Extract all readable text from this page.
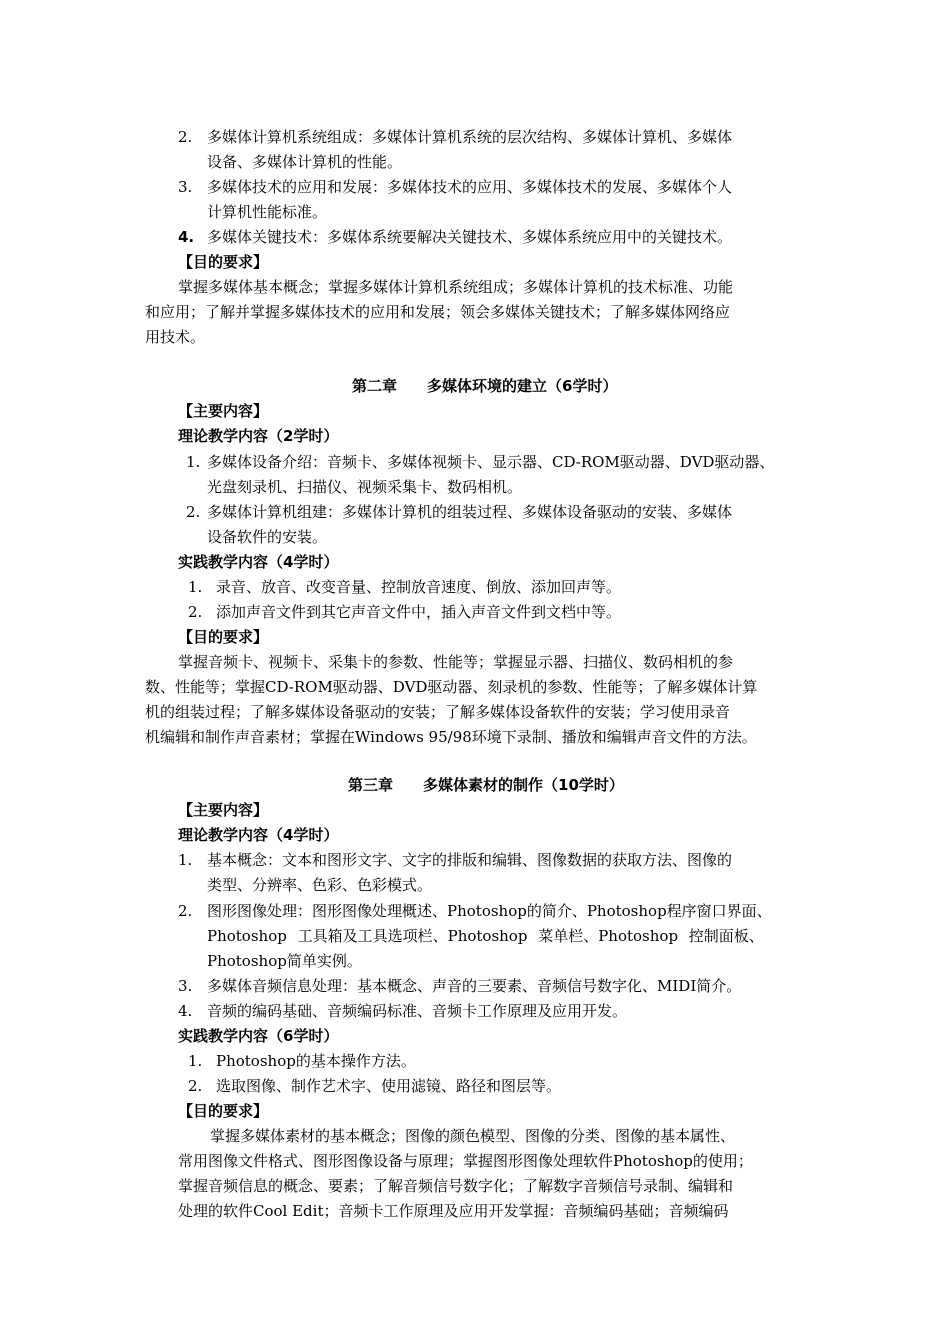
2. 多媒体计算机系统组成：多媒体计算机系统的层次结构、多媒体计算机、多媒体
设备、多媒体计算机的性能。
3. 多媒体技术的应用和发展：多媒体技术的应用、多媒体技术的发展、多媒体个人
计算机性能标准。
4. 多媒体关键技术：多媒体系统要解决关键技术、多媒体系统应用中的关键技术。
【目的要求】
掌握多媒体基本概念；掌握多媒体计算机系统组成；多媒体计算机的技术标准、功能
和应用；了解并掌握多媒体技术的应用和发展；领会多媒体关键技术；了解多媒体网络应
用技术。
第二章　　多媒体环境的建立（6学时）
【主要内容】
理论教学内容（2学时）
1. 多媒体设备介绍：音频卡、多媒体视频卡、显示器、CD-ROM驱动器、DVD驱动器、
光盘刻录机、扫描仪、视频采集卡、数码相机。
2. 多媒体计算机组建：多媒体计算机的组装过程、多媒体设备驱动的安装、多媒体
设备软件的安装。
实践教学内容（4学时）
1. 录音、放音、改变音量、控制放音速度、倒放、添加回声等。
2. 添加声音文件到其它声音文件中，插入声音文件到文档中等。
【目的要求】
掌握音频卡、视频卡、采集卡的参数、性能等；掌握显示器、扫描仪、数码相机的参
数、性能等；掌握CD-ROM驱动器、DVD驱动器、刻录机的参数、性能等；了解多媒体计算
机的组装过程；了解多媒体设备驱动的安装；了解多媒体设备软件的安装；学习使用录音
机编辑和制作声音素材；掌握在Windows 95/98环境下录制、播放和编辑声音文件的方法。
第三章　　多媒体素材的制作（10学时）
【主要内容】
理论教学内容（4学时）
1. 基本概念：文本和图形文字、文字的排版和编辑、图像数据的获取方法、图像的
类型、分辨率、色彩、色彩模式。
2. 图形图像处理：图形图像处理概述、Photoshop的简介、Photoshop程序窗口界面、
Photoshop 工具箱及工具选项栏、Photoshop 菜单栏、Photoshop 控制面板、
Photoshop简单实例。
3. 多媒体音频信息处理：基本概念、声音的三要素、音频信号数字化、MIDI简介。
4. 音频的编码基础、音频编码标准、音频卡工作原理及应用开发。
实践教学内容（6学时）
1. Photoshop的基本操作方法。
2. 选取图像、制作艺术字、使用滤镜、路径和图层等。
【目的要求】
掌握多媒体素材的基本概念；图像的颜色模型、图像的分类、图像的基本属性、
常用图像文件格式、图形图像设备与原理；掌握图形图像处理软件Photoshop的使用；
掌握音频信息的概念、要素；了解音频信号数字化；了解数字音频信号录制、编辑和
处理的软件Cool Edit；音频卡工作原理及应用开发掌握：音频编码基础；音频编码
